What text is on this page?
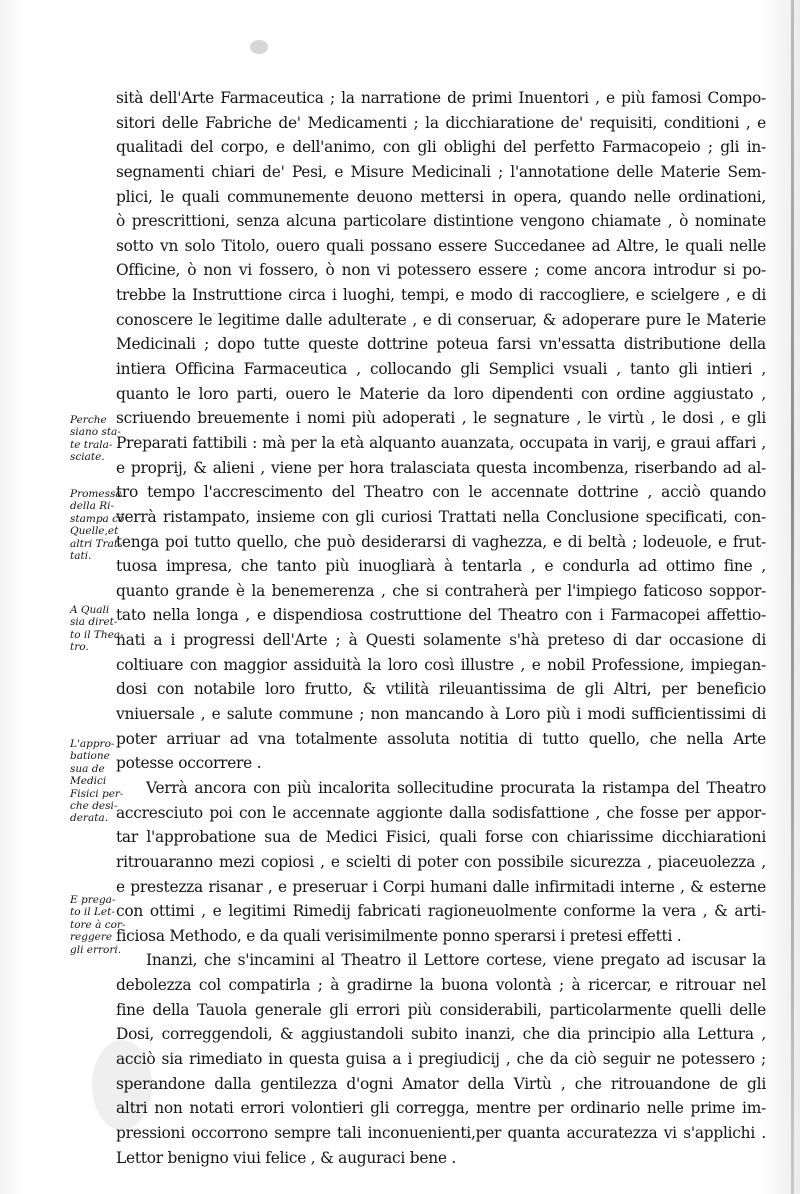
sità dell'Arte Farmaceutica ; la narratione de primi Inuentori , e più famosi Compo-
sitori delle Fabriche de' Medicamenti ; la dicchiaratione de' requisiti, conditioni , e
qualitadi del corpo, e dell'animo, con gli oblighi del perfetto Farmacopeio ; gli in-
segnamenti chiari de' Pesi, e Misure Medicinali ; l'annotatione delle Materie Sem-
plici, le quali communemente deuono mettersi in opera, quando nelle ordinationi,
ò prescrittioni, senza alcuna particolare distintione vengono chiamate , ò nominate
sotto vn solo Titolo, ouero quali possano essere Succedanee ad Altre, le quali nelle
Officine, ò non vi fossero, ò non vi potessero essere ; come ancora introdur si po-
trebbe la Instruttione circa i luoghi, tempi, e modo di raccogliere, e scielgere , e di
conoscere le legitime dalle adulterate , e di conseruar, & adoperare pure le Materie
Medicinali ; dopo tutte queste dottrine poteua farsi vn'essatta distributione della
intiera Officina Farmaceutica , collocando gli Semplici vsuali , tanto gli intieri ,
quanto le loro parti, ouero le Materie da loro dipendenti con ordine aggiustato ,
scriuendo breuemente i nomi più adoperati , le segnature , le virtù , le dosi , e gli
Preparati fattibili : mà per la età alquanto auanzata, occupata in varij, e graui affari ,
e proprij, & alieni , viene per hora tralasciata questa incombenza, riserbando ad al-
tro tempo l'accrescimento del Theatro con le accennate dottrine , acciò quando
verrà ristampato, insieme con gli curiosi Trattati nella Conclusione specificati, con-
tenga poi tutto quello, che può desiderarsi di vaghezza, e di beltà ; lodeuole, e frut-
tuosa impresa, che tanto più inuogliarà à tentarla , e condurla ad ottimo fine ,
quanto grande è la benemerenza , che si contraherà per l'impiego faticoso soppor-
tato nella longa , e dispendiosa costruttione del Theatro con i Farmacopei affettio-
nati a i progressi dell'Arte ; à Questi solamente s'hà preteso di dar occasione di
coltiuare con maggior assiduità la loro così illustre , e nobil Professione, impiegan-
dosi con notabile loro frutto, & vtilità rileuantissima de gli Altri, per beneficio
vniuersale , e salute commune ; non mancando à Loro più i modi sufficientissimi di
poter arriuar ad vna totalmente assoluta notitia di tutto quello, che nella Arte
potesse occorrere .
Verrà ancora con più incalorita sollecitudine procurata la ristampa del Theatro
accresciuto poi con le accennate aggionte dalla sodisfattione , che fosse per appor-
tar l'approbatione sua de Medici Fisici, quali forse con chiarissime dicchiarationi
ritrouaranno mezi copiosi , e scielti di poter con possibile sicurezza , piaceuolezza ,
e prestezza risanar , e preseruar i Corpi humani dalle infirmitadi interne , & esterne
con ottimi , e legitimi Rimedij fabricati ragioneuolmente conforme la vera , & arti-
ficiosa Methodo, e da quali verisimilmente ponno sperarsi i pretesi effetti .
Inanzi, che s'incamini al Theatro il Lettore cortese, viene pregato ad iscusar la
debolezza col compatirla ; à gradirne la buona volontà ; à ricercar, e ritrouar nel
fine della Tauola generale gli errori più considerabili, particolarmente quelli delle
Dosi, correggendoli, & aggiustandoli subito inanzi, che dia principio alla Lettura ,
acciò sia rimediato in questa guisa a i pregiudicij , che da ciò seguir ne potessero ;
sperandone dalla gentilezza d'ogni Amator della Virtù , che ritrouandone de gli
altri non notati errori volontieri gli corregga, mentre per ordinario nelle prime im-
pressioni occorrono sempre tali inconuenienti,per quanta accuratezza vi s'applichi .
Lettor benigno viui felice , & auguraci bene .
Perche
siano sta-
te trala-
sciate.
Promessa
della Ri-
stampa cō
Quelle,et
altri Trat-
tati.
A Quali
sia diret-
to il Thea-
tro.
L'appro-
batione
sua de
Medici
Fisici per-
che desi-
derata.
E prega-
to il Let-
tore à cor-
reggere
gli errori.
